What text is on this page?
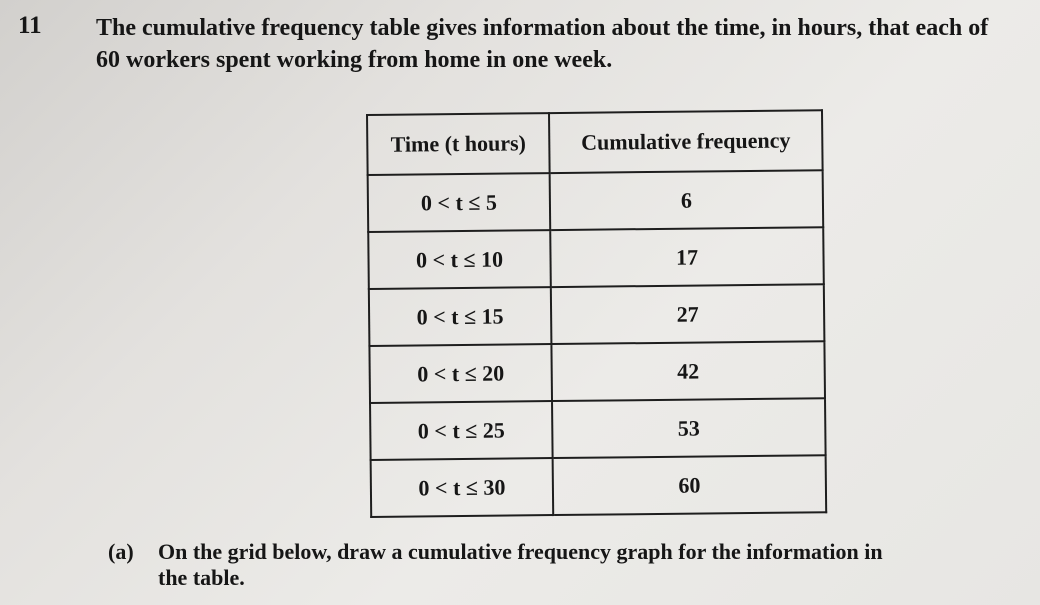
11 The cumulative frequency table gives information about the time, in hours, that each of

60 workers spent working from home in one week.

Time (t hours)	Cumulative frequency
0 < t ≤ 5	6
0 < t ≤ 10	17
0 < t ≤ 15	27
0 < t ≤ 20	42
0 < t ≤ 25	53
0 < t ≤ 30	60
(a) On the grid below, draw a cumulative frequency graph for the information in
the table.
